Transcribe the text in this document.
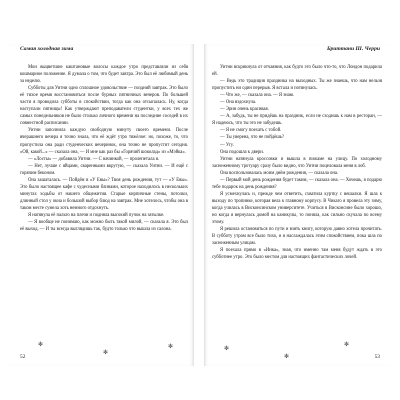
Самая холодная зима

Мои выцветшие каштановые волосы каждое утро представляли из себя кошмарное положение. Я думала о том, что будет завтра. Это был её любимый день за неделю.

Субботы для Уитни одно сплошное удовольствие — поздний завтрак. Это было её тихое время восстановиться после бурных пятничных вечеров. По большей части я проводила субботы в спокойствии, тогда как она отсыпалась. Ну, когда наступали пятницы! Как утверждают преподаватели студентки, у всех тех же самых понедельников не было столько личного времени на последние соседей в их совместной расписании.

Уитни заполнила каждую свободную минуту своего времени. После вчерашнего вечера я точно знала, что её ждёт утро тяжёлое: но, похоже, то, что пропустила она ради студенческих вечеринок, она точно не пропустит сегодня. «Ой, какой...» — сказала она, — И мне как раз бы «Горячий шоколад» из «Мэйка».

— «Лосты» — добавила Уитни. — С начинкой, — пролепетала я.

— Нет, лучше с яйцами, сваренными вкрутую, — сказала Уитни. — И ещё с горячим беконом.

Она зашаталась. — Пойдём в «У Евы»? Твоя день рождения, тут — «У Евы». Это было настоящее кафе с чудесными блинами, которое находилось в нескольких минутах ходьбы от нашего общежития. Старые кирпичные стены, потолки, длинный стол у окна и большой выбор блюд на завтрак. Мне хотелось, чтобы она в таком месте сумела хоть немного отдохнуть.

Я натянула её пальто на плечи и подняла высокий пучок на затылке.

— Я вообще не понимаю, как можно быть такой милой, — сказала я. Это был её выход. — И ты всегда выглядишь так, будто только что вышла из салона.

✻
✻
✻
52
Бриттани Ш. Черри

Уитни вскрикнула от отчаяния, как будто это было что-то, что Лондон подарила ей.

— Ведь это традиция праздника на выходных. Ты же знаешь, что нам нельзя пропустить ни один перерыв. Я встала и потянулась.

— Что же, — сказала она. — Я знаю.

— Она вздохнула.

— Эрин очень красивая.

— А, забудь, ты не придёшь на праздник, если не сходишь к нам в ресторан, — Я надеюсь, что ты это не забудешь.

— Я не смогу поехать с тобой.

— Ты уверена, что не пойдёшь?

— Угу.

Она подошла к двери.

Уитни натянула кроссовки и вышла в пижаме на улицу. По холодному заснеженному тротуару сразу было видно, что Уитни поцеловала меня в лоб.

Она воспользовалась моим днём рождения, — сказала она.

— Первый мой день рождения будет таким, — сказала она. — Хочешь, я подарю тебе подарок на день рождения?

Я усмехнулась и, прежде чем ответить, схватила куртку с вешалки. Я шла к выходу по тропинке, которая вела к главному корпусу. В Чикаго я провела эту зиму, когда училась в Висконсинском университете. Учиться в Висконсине было хорошо, но когда я вернулась домой на каникулы, то поняла, как сильно скучала по всему этому.

Я решила остановиться по пути и взять книгу, которую давно хотела прочитать. В субботу утром все было тихо, и я наслаждалась этим спокойствием, пока шла по заснеженным улицам.

Я поехала прямо в «Инка», зная, что именно там меня будут ждать в это субботнее утро. Это было местом для настоящих фантастических лочей.

✻
✻
✻
53
